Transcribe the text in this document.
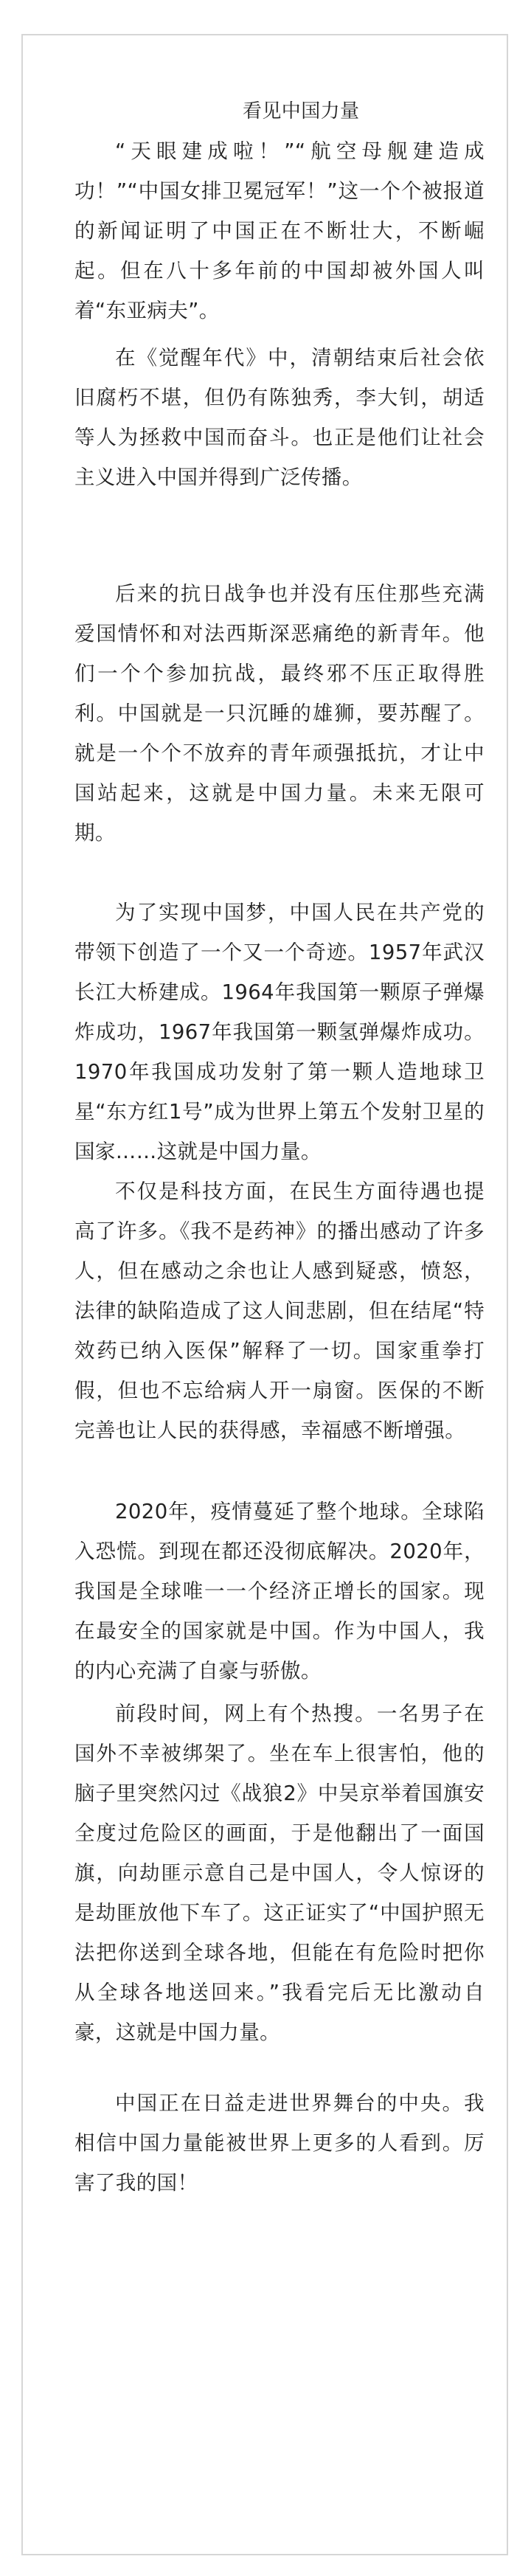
看见中国力量

“天眼建成啦！”“航空母舰建造成功！”“中国女排卫冕冠军！”这一个个被报道的新闻证明了中国正在不断壮大，不断崛起。但在八十多年前的中国却被外国人叫着“东亚病夫”。

在《觉醒年代》中，清朝结束后社会依旧腐朽不堪，但仍有陈独秀，李大钊，胡适等人为拯救中国而奋斗。也正是他们让社会主义进入中国并得到广泛传播。

后来的抗日战争也并没有压住那些充满爱国情怀和对法西斯深恶痛绝的新青年。他们一个个参加抗战，最终邪不压正取得胜利。中国就是一只沉睡的雄狮，要苏醒了。就是一个个不放弃的青年顽强抵抗，才让中国站起来，这就是中国力量。未来无限可期。

为了实现中国梦，中国人民在共产党的带领下创造了一个又一个奇迹。1957年武汉长江大桥建成。1964年我国第一颗原子弹爆炸成功，1967年我国第一颗氢弹爆炸成功。1970年我国成功发射了第一颗人造地球卫星“东方红1号”成为世界上第五个发射卫星的国家……这就是中国力量。

不仅是科技方面，在民生方面待遇也提高了许多。《我不是药神》的播出感动了许多人，但在感动之余也让人感到疑惑，愤怒，法律的缺陷造成了这人间悲剧，但在结尾“特效药已纳入医保”解释了一切。国家重拳打假，但也不忘给病人开一扇窗。医保的不断完善也让人民的获得感，幸福感不断增强。

2020年，疫情蔓延了整个地球。全球陷入恐慌。到现在都还没彻底解决。2020年，我国是全球唯一一个经济正增长的国家。现在最安全的国家就是中国。作为中国人，我的内心充满了自豪与骄傲。

前段时间，网上有个热搜。一名男子在国外不幸被绑架了。坐在车上很害怕，他的脑子里突然闪过《战狼2》中吴京举着国旗安全度过危险区的画面，于是他翻出了一面国旗，向劫匪示意自己是中国人，令人惊讶的是劫匪放他下车了。这正证实了“中国护照无法把你送到全球各地，但能在有危险时把你从全球各地送回来。”我看完后无比激动自豪，这就是中国力量。

中国正在日益走进世界舞台的中央。我相信中国力量能被世界上更多的人看到。厉害了我的国！
